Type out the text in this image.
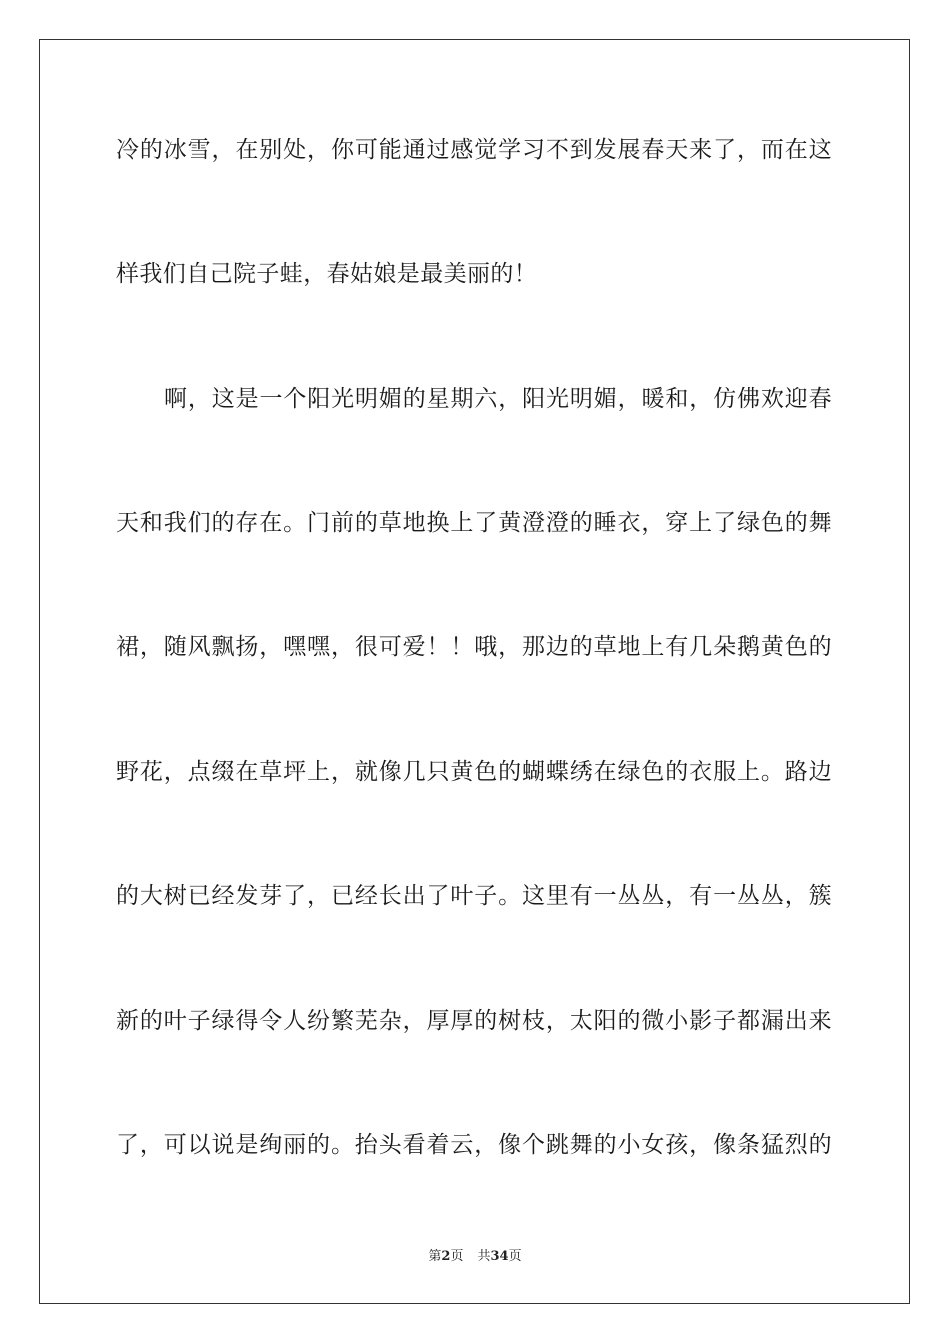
冷的冰雪，在别处，你可能通过感觉学习不到发展春天来了，而在这
样我们自己院子蛙，春姑娘是最美丽的！
啊，这是一个阳光明媚的星期六，阳光明媚，暖和，仿佛欢迎春
天和我们的存在。门前的草地换上了黄澄澄的睡衣，穿上了绿色的舞
裙，随风飘扬，嘿嘿，很可爱！！哦，那边的草地上有几朵鹅黄色的
野花，点缀在草坪上，就像几只黄色的蝴蝶绣在绿色的衣服上。路边
的大树已经发芽了，已经长出了叶子。这里有一丛丛，有一丛丛，簇
新的叶子绿得令人纷繁芜杂，厚厚的树枝，太阳的微小影子都漏出来
了，可以说是绚丽的。抬头看着云，像个跳舞的小女孩，像条猛烈的
第2页 共34页
